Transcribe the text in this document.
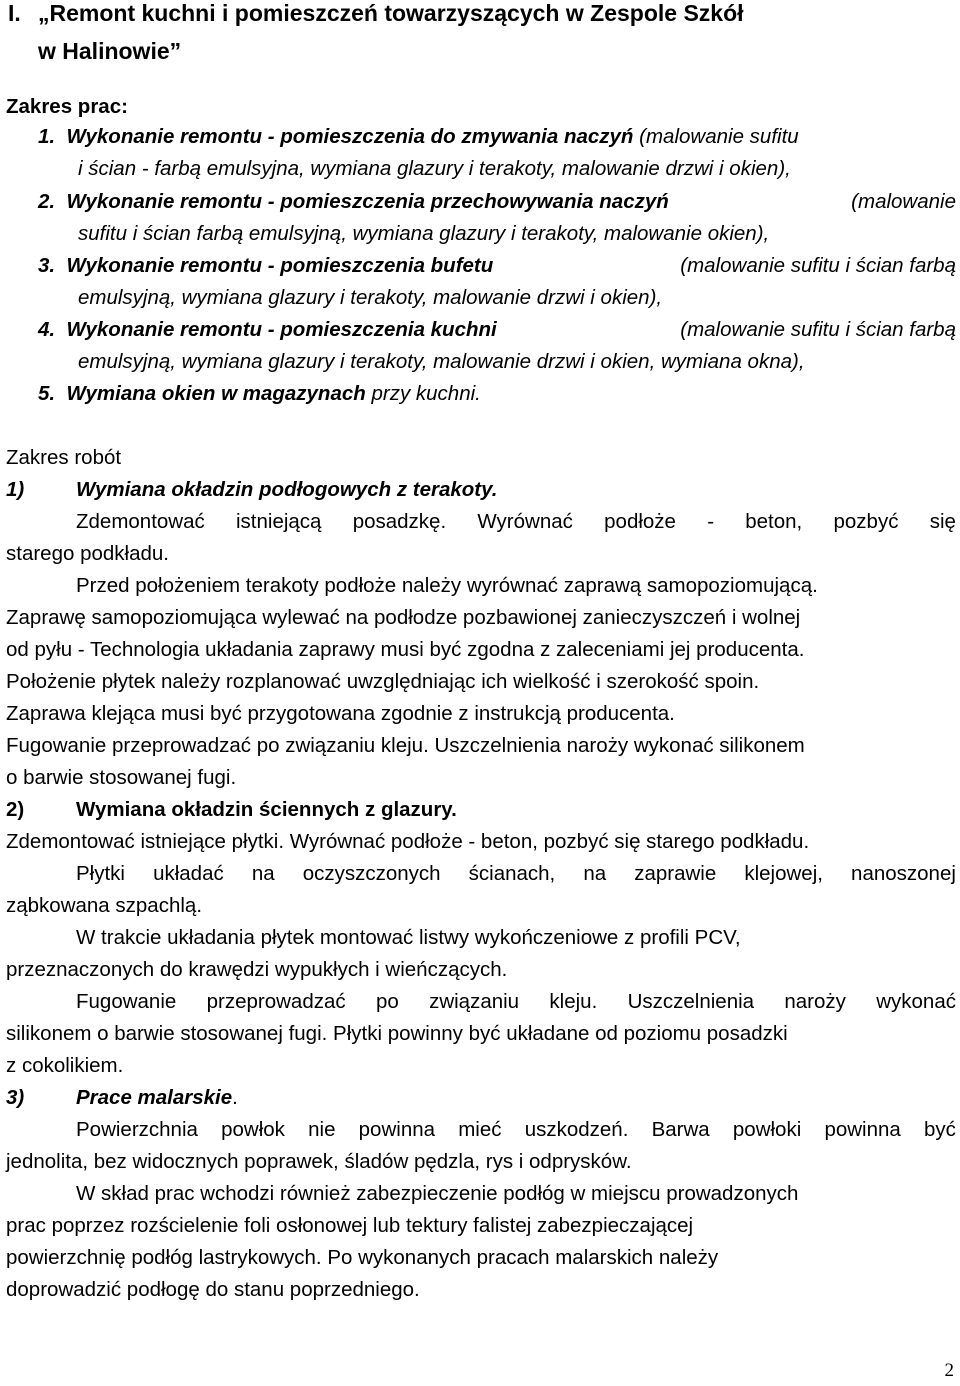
I. „Remont kuchni i pomieszczeń towarzyszących w Zespole Szkół
w Halinowie”
Zakres prac:
1. Wykonanie remontu - pomieszczenia do zmywania naczyń (malowanie sufitu
i ścian - farbą emulsyjna, wymiana glazury i terakoty, malowanie drzwi i okien),
2. Wykonanie remontu - pomieszczenia przechowywania naczyń	(malowanie
sufitu i ścian farbą emulsyjną, wymiana glazury i terakoty, malowanie okien),
3. Wykonanie remontu - pomieszczenia bufetu	(malowanie sufitu i ścian farbą
emulsyjną, wymiana glazury i terakoty, malowanie drzwi i okien),
4. Wykonanie remontu - pomieszczenia kuchni	(malowanie sufitu i ścian farbą
emulsyjną, wymiana glazury i terakoty, malowanie drzwi i okien, wymiana okna),
5. Wymiana okien w magazynach przy kuchni.
Zakres robót
1)	Wymiana okładzin podłogowych z terakoty.
Zdemontować istniejącą posadzkę. Wyrównać podłoże - beton, pozbyć się
starego podkładu.
Przed położeniem terakoty podłoże należy wyrównać zaprawą samopoziomującą.
Zaprawę samopoziomująca wylewać na podłodze pozbawionej zanieczyszczeń i wolnej
od pyłu - Technologia układania zaprawy musi być zgodna z zaleceniami jej producenta.
Położenie płytek należy rozplanować uwzględniając ich wielkość i szerokość spoin.
Zaprawa klejąca musi być przygotowana zgodnie z instrukcją producenta.
Fugowanie przeprowadzać po związaniu kleju. Uszczelnienia naroży wykonać silikonem
o barwie stosowanej fugi.
2)	Wymiana okładzin ściennych z glazury.
Zdemontować istniejące płytki. Wyrównać podłoże - beton, pozbyć się starego podkładu.
Płytki układać na oczyszczonych ścianach, na zaprawie klejowej, nanoszonej
ząbkowana szpachlą.
W trakcie układania płytek montować listwy wykończeniowe z profili PCV,
przeznaczonych do krawędzi wypukłych i wieńczących.
Fugowanie przeprowadzać po związaniu kleju. Uszczelnienia naroży wykonać
silikonem o barwie stosowanej fugi. Płytki powinny być układane od poziomu posadzki
z cokolikiem.
3)	Prace malarskie.
Powierzchnia powłok nie powinna mieć uszkodzeń. Barwa powłoki powinna być
jednolita, bez widocznych poprawek, śladów pędzla, rys i odprysków.
W skład prac wchodzi również zabezpieczenie podłóg w miejscu prowadzonych
prac poprzez rozścielenie foli osłonowej lub tektury falistej zabezpieczającej
powierzchnię podłóg lastrykowych. Po wykonanych pracach malarskich należy
doprowadzić podłogę do stanu poprzedniego.
2
